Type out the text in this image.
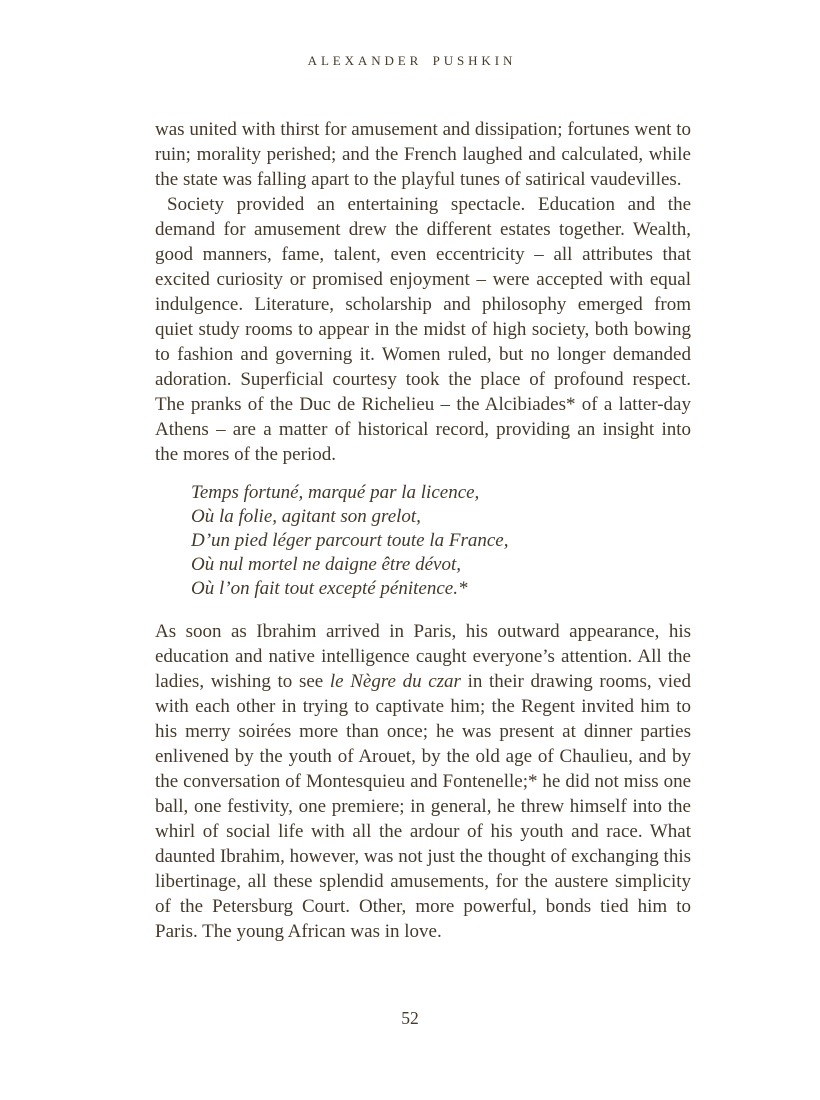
ALEXANDER PUSHKIN

was united with thirst for amusement and dissipation; fortunes went to ruin; morality perished; and the French laughed and calculated, while the state was falling apart to the playful tunes of satirical vaudevilles.

Society provided an entertaining spectacle. Education and the demand for amusement drew the different estates together. Wealth, good manners, fame, talent, even eccentricity – all attributes that excited curiosity or promised enjoyment – were accepted with equal indulgence. Literature, scholarship and philosophy emerged from quiet study rooms to appear in the midst of high society, both bowing to fashion and governing it. Women ruled, but no longer demanded adoration. Superficial courtesy took the place of profound respect. The pranks of the Duc de Richelieu – the Alcibiades* of a latter-day Athens – are a matter of historical record, providing an insight into the mores of the period.

Temps fortuné, marqué par la licence,
Où la folie, agitant son grelot,
D’un pied léger parcourt toute la France,
Où nul mortel ne daigne être dévot,
Où l’on fait tout excepté pénitence.*

As soon as Ibrahim arrived in Paris, his outward appearance, his education and native intelligence caught everyone’s attention. All the ladies, wishing to see le Nègre du czar in their drawing rooms, vied with each other in trying to captivate him; the Regent invited him to his merry soirées more than once; he was present at dinner parties enlivened by the youth of Arouet, by the old age of Chaulieu, and by the conversation of Montesquieu and Fontenelle;* he did not miss one ball, one festivity, one premiere; in general, he threw himself into the whirl of social life with all the ardour of his youth and race. What daunted Ibrahim, however, was not just the thought of exchanging this libertinage, all these splendid amusements, for the austere simplicity of the Petersburg Court. Other, more powerful, bonds tied him to Paris. The young African was in love.

52
